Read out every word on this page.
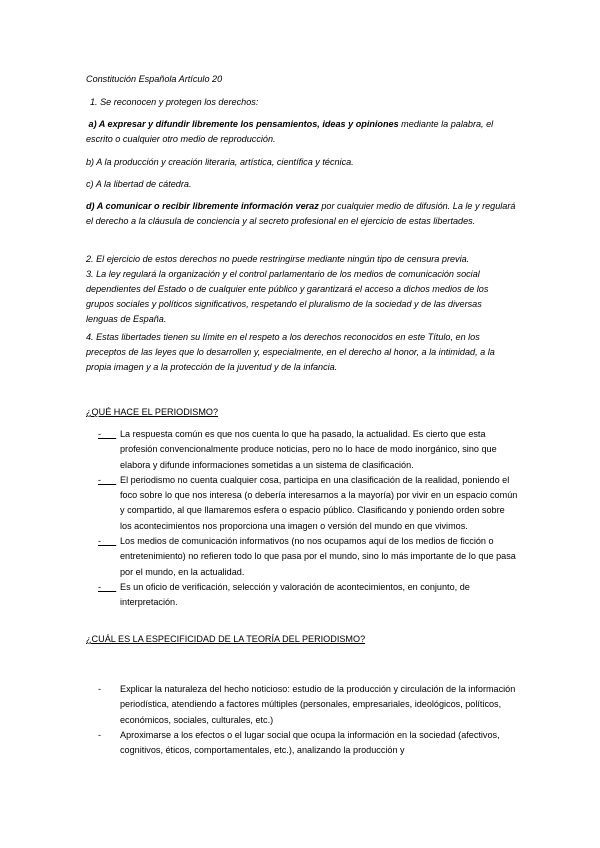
Constitución Española Artículo 20
1. Se reconocen y protegen los derechos:
a) A expresar y difundir libremente los pensamientos, ideas y opiniones mediante la palabra, el escrito o cualquier otro medio de reproducción.
b) A la producción y creación literaria, artística, científica y técnica.
c) A la libertad de cátedra.
d) A comunicar o recibir libremente información veraz por cualquier medio de difusión. La le y regulará el derecho a la cláusula de conciencia y al secreto profesional en el ejercicio de estas libertades.
2. El ejercicio de estos derechos no puede restringirse mediante ningún tipo de censura previa.
3. La ley regulará la organización y el control parlamentario de los medios de comunicación social dependientes del Estado o de cualquier ente público y garantizará el acceso a dichos medios de los grupos sociales y políticos significativos, respetando el pluralismo de la sociedad y de las diversas lenguas de España.
4. Estas libertades tienen su límite en el respeto a los derechos reconocidos en este Título, en los preceptos de las leyes que lo desarrollen y, especialmente, en el derecho al honor, a la intimidad, a la propia imagen y a la protección de la juventud y de la infancia.
¿QUÉ HACE EL PERIODISMO?
- La respuesta común es que nos cuenta lo que ha pasado, la actualidad. Es cierto que esta profesión convencionalmente produce noticias, pero no lo hace de modo inorgánico, sino que elabora y difunde informaciones sometidas a un sistema de clasificación.
- El periodismo no cuenta cualquier cosa, participa en una clasificación de la realidad, poniendo el foco sobre lo que nos interesa (o debería interesarnos a la mayoría) por vivir en un espacio común y compartido, al que llamaremos esfera o espacio público. Clasificando y poniendo orden sobre los acontecimientos nos proporciona una imagen o versión del mundo en que vivimos.
- Los medios de comunicación informativos (no nos ocupamos aquí de los medios de ficción o entretenimiento) no refieren todo lo que pasa por el mundo, sino lo más importante de lo que pasa por el mundo, en la actualidad.
- Es un oficio de verificación, selección y valoración de acontecimientos, en conjunto, de interpretación.
¿CUÁL ES LA ESPECIFICIDAD DE LA TEORÍA DEL PERIODISMO?
-	Explicar la naturaleza del hecho noticioso: estudio de la producción y circulación de la información periodística, atendiendo a factores múltiples (personales, empresariales, ideológicos, políticos, económicos, sociales, culturales, etc.)
-	Aproximarse a los efectos o el lugar social que ocupa la información en la sociedad (afectivos, cognitivos, éticos, comportamentales, etc.), analizando la producción y
